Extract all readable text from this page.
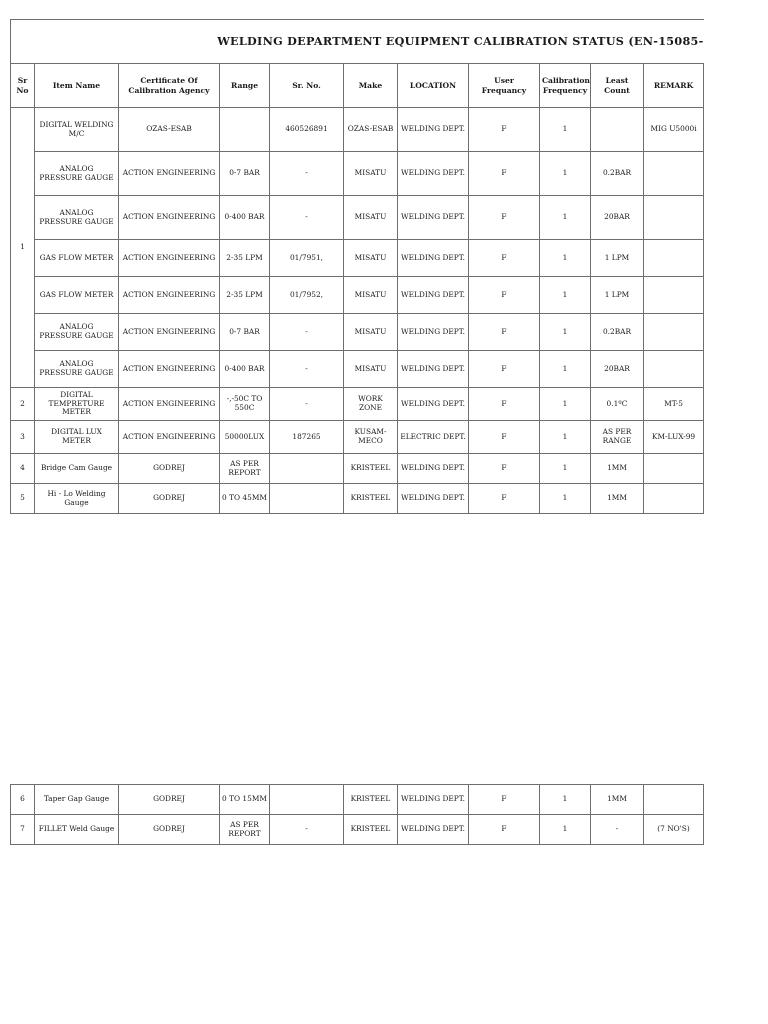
WELDING DEPARTMENT EQUIPMENT CALIBRATION STATUS (EN-15085-										
Sr No	Item Name	Certificate Of Calibration Agency	Range	Sr. No.	Make	LOCATION	User Frequancy	Calibration Frequency	Least Count	REMARK
1	DIGITAL WELDING M/C	OZAS-ESAB		460526891	OZAS-ESAB	WELDING DEPT.	F	1		MIG U5000i
	ANALOG PRESSURE GAUGE	ACTION ENGINEERING	0-7 BAR	-	MISATU	WELDING DEPT.	F	1	0.2BAR	
	ANALOG PRESSURE GAUGE	ACTION ENGINEERING	0-400 BAR	-	MISATU	WELDING DEPT.	F	1	20BAR	
	GAS FLOW METER	ACTION ENGINEERING	2-35 LPM	01/7951,	MISATU	WELDING DEPT.	F	1	1 LPM	
	GAS FLOW METER	ACTION ENGINEERING	2-35 LPM	01/7952,	MISATU	WELDING DEPT.	F	1	1 LPM	
	ANALOG PRESSURE GAUGE	ACTION ENGINEERING	0-7 BAR	-	MISATU	WELDING DEPT.	F	1	0.2BAR	
	ANALOG PRESSURE GAUGE	ACTION ENGINEERING	0-400 BAR	-	MISATU	WELDING DEPT.	F	1	20BAR	
2	DIGITAL TEMPRETURE METER	ACTION ENGINEERING	-,-50C TO 550C	-	WORK ZONE	WELDING DEPT.	F	1	0.1ºC	MT-5
3	DIGITAL LUX METER	ACTION ENGINEERING	50000LUX	187265	KUSAM-MECO	ELECTRIC DEPT.	F	1	AS PER RANGE	KM-LUX-99
4	Bridge Cam Gauge	GODREJ	AS PER REPORT		KRISTEEL	WELDING DEPT.	F	1	1MM	
5	Hi - Lo Welding Gauge	GODREJ	0 TO 45MM		KRISTEEL	WELDING DEPT.	F	1	1MM	
6	Taper Gap Gauge	GODREJ	0 TO 15MM		KRISTEEL	WELDING DEPT.	F	1	1MM	
7	FILLET Weld Gauge	GODREJ	AS PER REPORT	-	KRISTEEL	WELDING DEPT.	F	1	-	(7 NO'S)
